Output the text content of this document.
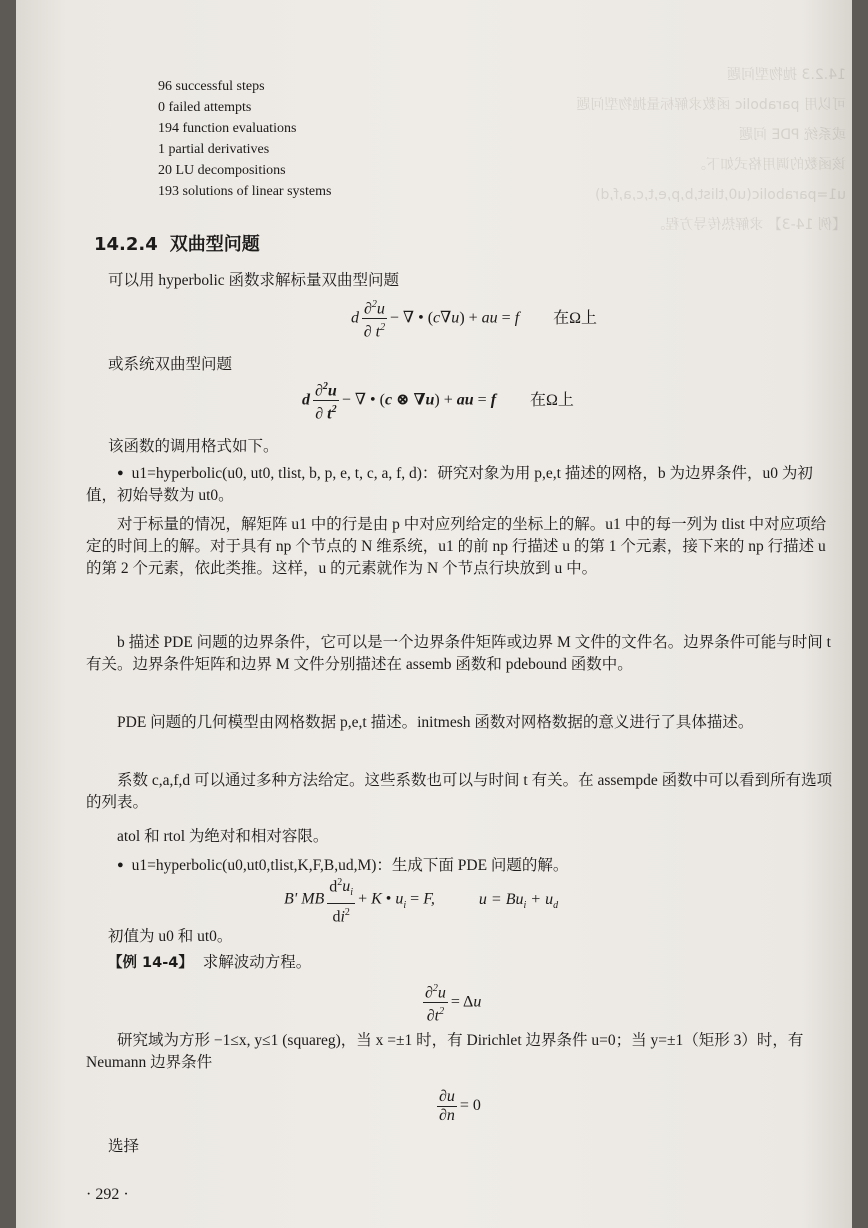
14.2.3 抛物型问题
可以用 parabolic 函数求解标量抛物型问题
或系统 PDE 问题
该函数的调用格式如下。
u1=parabolic(u0,tlist,b,p,e,t,c,a,f,d)
【例 14-3】 求解热传导方程。
96 successful steps
0 failed attempts
194 function evaluations
1 partial derivatives
20 LU decompositions
193 solutions of linear systems
14.2.4 双曲型问题
可以用 hyperbolic 函数求解标量双曲型问题
d $\frac{\partial^2u}{\partial t^2}$ − ∇ • (c∇u) + au = f 在Ω上
或系统双曲型问题
d $\frac{\partial^2u}{\partial t^2}$ − ∇ • (c ⊗ ∇u) + au = f 在Ω上
该函数的调用格式如下。

● u1=hyperbolic(u0, ut0, tlist, b, p, e, t, c, a, f, d)：研究对象为用 p,e,t 描述的网格，b 为边界条件，u0 为初值，初始导数为 ut0。

对于标量的情况，解矩阵 u1 中的行是由 p 中对应列给定的坐标上的解。u1 中的每一列为 tlist 中对应项给定的时间上的解。对于具有 np 个节点的 N 维系统，u1 的前 np 行描述 u 的第 1 个元素，接下来的 np 行描述 u 的第 2 个元素，依此类推。这样，u 的元素就作为 N 个节点行块放到 u 中。

b 描述 PDE 问题的边界条件，它可以是一个边界条件矩阵或边界 M 文件的文件名。边界条件可能与时间 t 有关。边界条件矩阵和边界 M 文件分别描述在 assemb 函数和 pdebound 函数中。

PDE 问题的几何模型由网格数据 p,e,t 描述。initmesh 函数对网格数据的意义进行了具体描述。

系数 c,a,f,d 可以通过多种方法给定。这些系数也可以与时间 t 有关。在 assempde 函数中可以看到所有选项的列表。

atol 和 rtol 为绝对和相对容限。

● u1=hyperbolic(u0,ut0,tlist,K,F,B,ud,M)：生成下面 PDE 问题的解。

B' MB $\frac{d^2u_i}{di^2} + K$ • $u_i = F$,	$u = Bu_i + u_d$
初值为 u0 和 ut0。
【例 14-4】 求解波动方程。
$\frac{\partial^2u}{\partial t^2} = \Delta u$

研究域为方形 −1≤x, y≤1 (squareg)，当 x =±1 时，有 Dirichlet 边界条件 u=0；当 y=±1（矩形 3）时，有 Neumann 边界条件

$\frac{\partial u}{\partial n} = 0$
选择
· 292 ·
